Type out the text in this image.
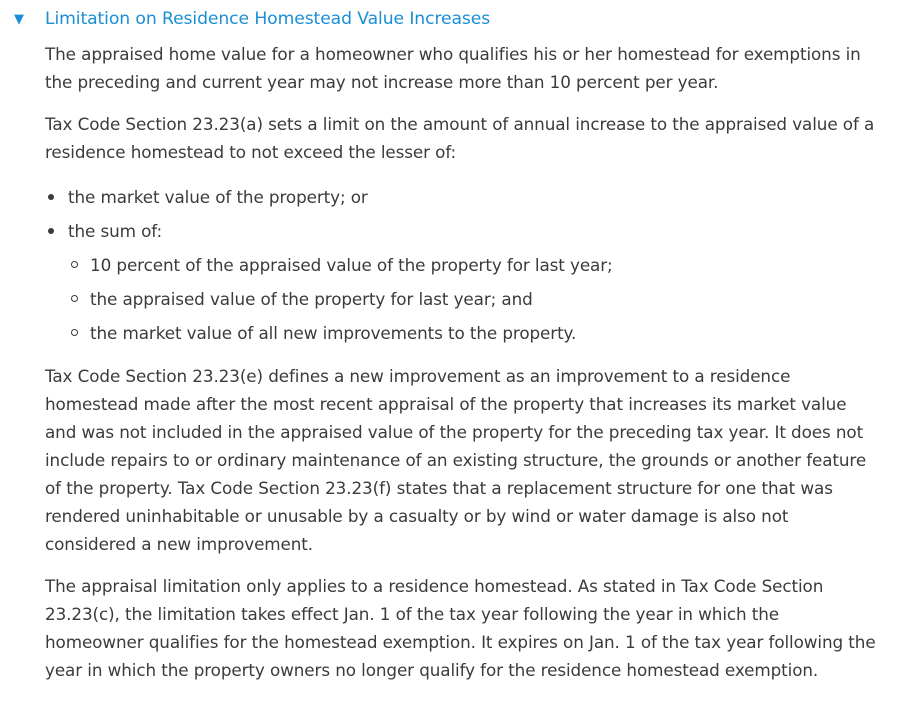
▼	Limitation on Residence Homestead Value Increases

The appraised home value for a homeowner who qualifies his or her homestead for exemptions in the preceding and current year may not increase more than 10 percent per year.

Tax Code Section 23.23(a) sets a limit on the amount of annual increase to the appraised value of a residence homestead to not exceed the lesser of:

the market value of the property; or
the sum of:
10 percent of the appraised value of the property for last year;
the appraised value of the property for last year; and
the market value of all new improvements to the property.

Tax Code Section 23.23(e) defines a new improvement as an improvement to a residence homestead made after the most recent appraisal of the property that increases its market value and was not included in the appraised value of the property for the preceding tax year. It does not include repairs to or ordinary maintenance of an existing structure, the grounds or another feature of the property. Tax Code Section 23.23(f) states that a replacement structure for one that was rendered uninhabitable or unusable by a casualty or by wind or water damage is also not considered a new improvement.

The appraisal limitation only applies to a residence homestead. As stated in Tax Code Section 23.23(c), the limitation takes effect Jan. 1 of the tax year following the year in which the homeowner qualifies for the homestead exemption. It expires on Jan. 1 of the tax year following the year in which the property owners no longer qualify for the residence homestead exemption.
